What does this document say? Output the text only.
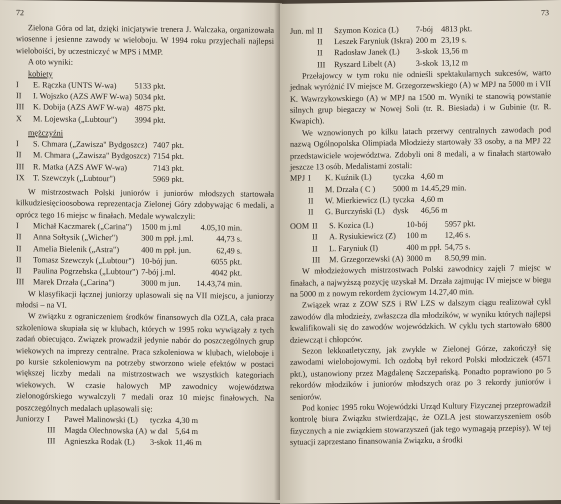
72

Zielona Góra od lat, dzięki inicjatywie trenera J. Walczaka, organizowała wiosenne i jesienne zawody w wieloboju. W 1994 roku przyjechali najlepsi wieloboiści, by uczestniczyć w MPS i MMP.

A oto wyniki:
kobiety
I	E. Rączka (UNTS W-wa)	5133 pkt.
II	I. Wojszko (AZS AWF W-wa)	5034 pkt.
III	K. Dobija (AZS AWF W-wa)	4875 pkt.
X	M. Lojewska („Lubtour")	3994 pkt.
mężczyźni
I	S. Chmara („Zawisza" Bydgoszcz)	7407 pkt.
II	M. Chmara („Zawisza" Bydgoszcz)	7154 pkt.
III	R. Matka (AZS AWF W-wa)	7143 pkt.
IX	T. Szewczyk („Lubtour")	5969 pkt.

W mistrzostwach Polski juniorów i juniorów młodszych startowała kilkudziesięcioosobowa reprezentacja Zielonej Góry zdobywając 6 medali, a oprócz tego 16 miejsc w finałach. Medale wywalczyli:

I	Michał Kaczmarek („Carina")	1500 m j.ml	4.05,10 min.
II	Anna Sołtysik („Wicher")	300 m ppł. j.ml.	44,73 s.
II	Amelia Bielenik („Astra")	400 m ppł. jun.	62,49 s.
II	Tomasz Szewczyk („Lubtour")	10-bój jun.	6055 pkt.
II	Paulina Pogrzebska („Lubtour")	7-bój j.ml.	4042 pkt.
III	Marek Drzała („Carina")	3000 m jun.	14.43,74 min.

W klasyfikacji łącznej juniorzy uplasowali się na VII miejscu, a juniorzy młodsi – na VI.

W związku z ograniczeniem środków finansowych dla OZLA, cała praca szkoleniowa skupiała się w klubach, których w 1995 roku wywiązały z tych zadań obiecująco. Związek prowadził jedynie nabór do poszczególnych grup wiekowych na imprezy centralne. Praca szkoleniowa w klubach, wieloboje i po kursie szkoleniowym na potrzeby stworzono wiele efektów w postaci większej liczby medali na mistrzostwach we wszystkich kategoriach wiekowych. W czasie halowych MP zawodnicy województwa zielonogórskiego wywalczyli 7 medali oraz 10 miejsc finałowych. Na poszczególnych medalach uplasowali się:

Juniorzy	I	Paweł Malinowski (L)	tyczka	4,30 m
	III	Magda Olechnowska (A)	w dal	5,64 m
	III	Agnieszka Rodak (L)	3-skok	11,46 m
73
Jun. ml	II	Szymon Kozica (L)	7-bój	4813 pkt.
	II	Leszek Faryniuk (Iskra)	200 m	23,19 s.
	II	Radosław Janek (L)	3-skok	13,56 m
	III	Ryszard Libelt (A)	3-skok	13,12 m

Przełajowcy w tym roku nie odnieśli spektakularnych sukcesów, warto jednak wyróżnić IV miejsce M. Grzegorzewskiego (A) w MPJ na 5000 m i VII K. Wawrzykowskiego (A) w MPJ na 1500 m. Wyniki te stanowią powstanie silnych grup biegaczy w Nowej Soli (tr. R. Biesiada) i w Gubinie (tr. R. Kwapich).

We wznowionych po kilku latach przerwy centralnych zawodach pod nazwą Ogólnopolska Olimpiada Młodzieży startowały 33 osoby, a na MPJ 22 przedstawiciele województwa. Zdobyli oni 8 medali, a w finałach startowało jeszcze 13 osób. Medalistami zostali:

MPJ	I	K. Kuźnik (L)	tyczka	4,60 m
	II	M. Drzała ( C )	5000 m	14.45,29 min.
	II	W. Mierkiewicz (L)	tyczka	4,60 m
	II	G. Burczyński (L)	dysk	46,56 m
OOM	II	S. Kozica (L)	10-bój	5957 pkt.
	II	A. Rysiukiewicz (Z)	100 m	12,46 s.
	II	L. Faryniuk (I)	400 m ppł.	54,75 s.
	III	M. Grzegorzewski (A)	3000 m	8.50,99 min.

W młodzieżowych mistrzostwach Polski zawodnicy zajęli 7 miejsc w finałach, a najwyższą pozycję uzyskał M. Drzała zajmując IV miejsce w biegu na 5000 m z nowym rekordem życiowym 14.27,40 min.

Związek wraz z ZOW SZS i RW LZS w dalszym ciągu realizował cykl zawodów dla młodzieży, zwłaszcza dla młodzików, w wyniku których najlepsi kwalifikowali się do zawodów wojewódzkich. W cyklu tych startowało 6800 dziewcząt i chłopców.

Sezon lekkoatletyczny, jak zwykle w Zielonej Górze, zakończył się zawodami wielobojowymi. Ich ozdobą był rekord Polski młodziczek (4571 pkt.), ustanowiony przez Magdalenę Szczepańską. Ponadto poprawiono po 5 rekordów młodzików i juniorów młodszych oraz po 3 rekordy juniorów i seniorów.

Pod koniec 1995 roku Wojewódzki Urząd Kultury Fizycznej przeprowadził kontrolę biura Związku stwierdzając, że OZLA jest stowarzyszeniem osób fizycznych a nie związkiem stowarzyszeń (jak tego wymagają przepisy). W tej sytuacji zaprzestano finansowania Związku, a środki
